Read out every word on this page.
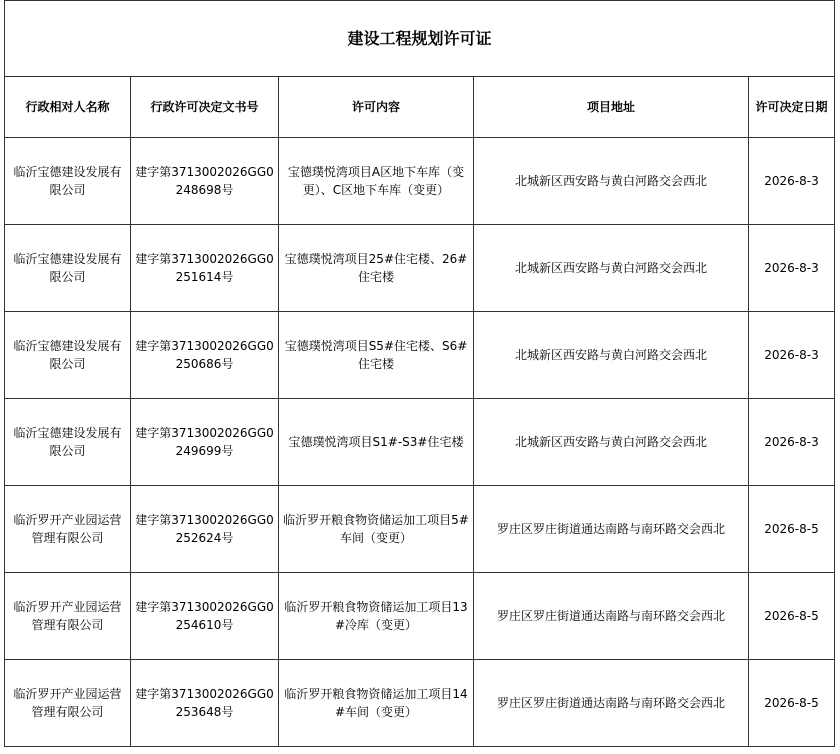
建设工程规划许可证				
行政相对人名称	行政许可决定文书号	许可内容	项目地址	许可决定日期
临沂宝德建设发展有限公司	建字第371300202​6GG0248698号	宝德璞悦湾项目A区地下车库（变更）、C区地下车库（变更）	北城新区西安路与黄白河路交会西北	2026-8-3
临沂宝德建设发展有限公司	建字第3713002026GG0251614号	宝德璞悦湾项目25#住宅楼、26#住宅楼	北城新区西安路与黄白河路交会西北	2026-8-3
临沂宝德建设发展有限公司	建字第3713002026GG0250686号	宝德璞悦湾项目S5#住宅楼、S6#住宅楼	北城新区西安路与黄白河路交会西北	2026-8-3
临沂宝德建设发展有限公司	建字第3713002026GG0249699号	宝德璞悦湾项目S1#-S3#住宅楼	北城新区西安路与黄白河路交会西北	2026-8-3
临沂罗开产业园运营管理有限公司	建字第3713002026GG0252624号	临沂罗开粮食物资储运加工项目5#车间（变更）	罗庄区罗庄街道通达南路与南环路交会西北	2026-8-5
临沂罗开产业园运营管理有限公司	建字第3713002026GG0254610号	临沂罗开粮食物资储运加工项目13#冷库（变更）	罗庄区罗庄街道通达南路与南环路交会西北	2026-8-5
临沂罗开产业园运营管理有限公司	建字第3713002026GG0253648号	临沂罗开粮食物资储运加工项目14#车间（变更）	罗庄区罗庄街道通达南路与南环路交会西北	2026-8-5
